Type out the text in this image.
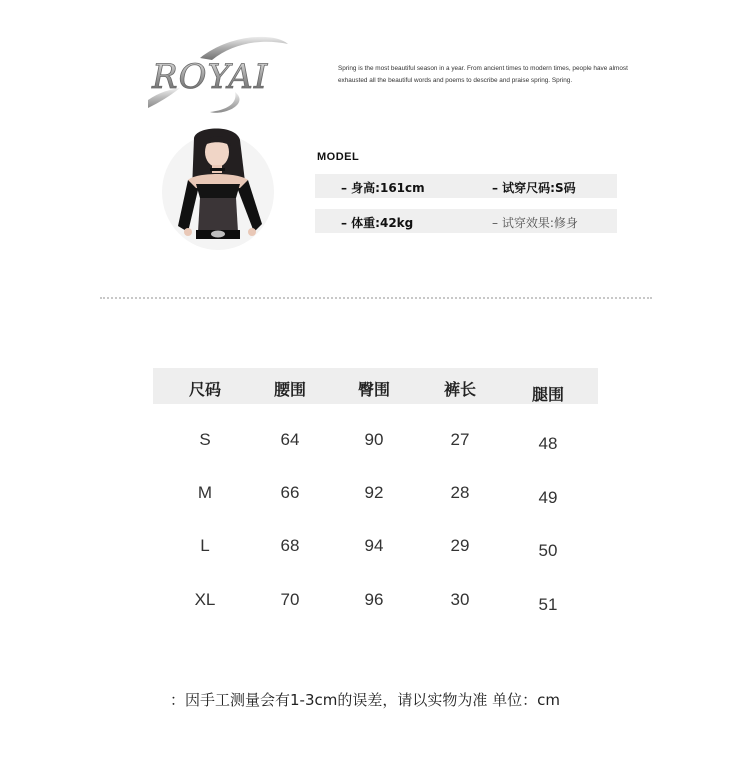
ROYAI	Spring is the most beautiful season in a year. From ancient times to modern times, people have almost exhausted all the beautiful words and poems to describe and praise spring. Spring.
MODEL
– 身高:161cm	– 试穿尺码:S码
– 体重:42kg	– 试穿效果:修身
尺码	腰围	臀围	裤长	腿围
S	64	90	27	48
M	66	92	28	49
L	68	94	29	50
XL	70	96	30	51
：因手工测量会有1-3cm的误差，请以实物为准 单位：cm
